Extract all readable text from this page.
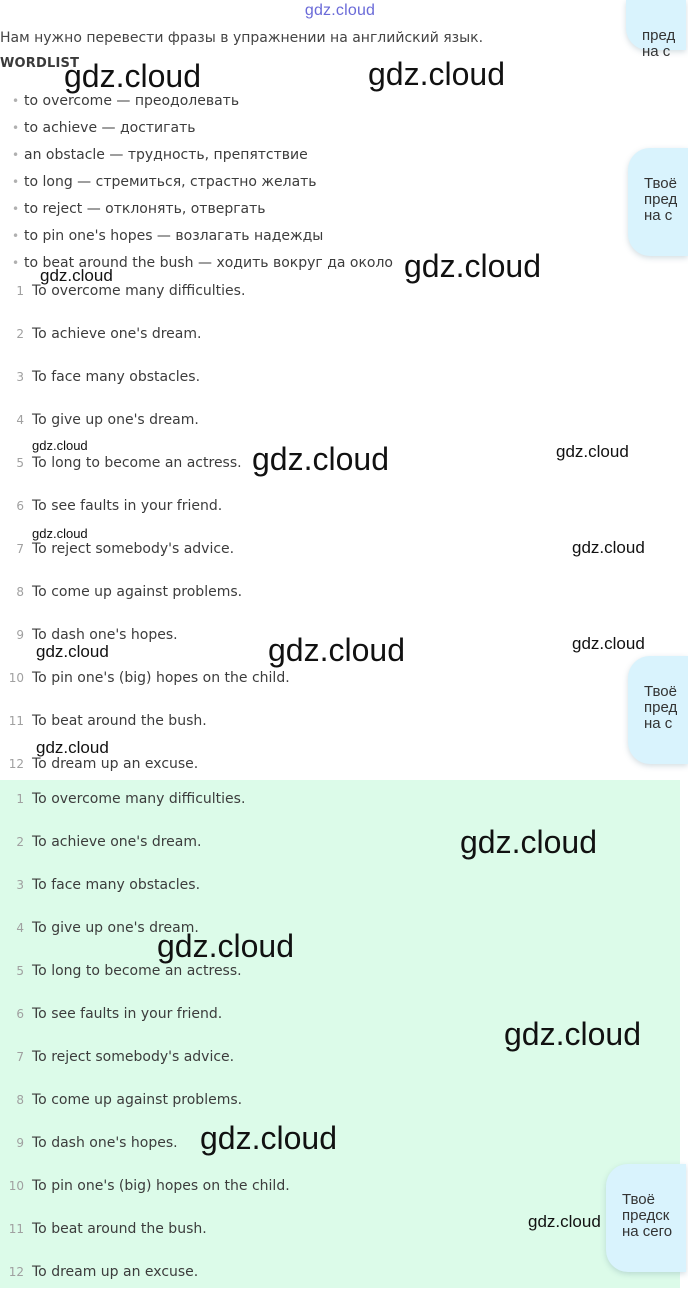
gdz.cloud
Нам нужно перевести фразы в упражнении на английский язык.
WORDLIST
• to overcome — преодолевать
• to achieve — достигать
• an obstacle — трудность, препятствие
• to long — стремиться, страстно желать
• to reject — отклонять, отвергать
• to pin one's hopes — возлагать надежды
• to beat around the bush — ходить вокруг да около
1 To overcome many difficulties.
2 To achieve one's dream.
3 To face many obstacles.
4 To give up one's dream.
5 To long to become an actress.
6 To see faults in your friend.
7 To reject somebody's advice.
8 To come up against problems.
9 To dash one's hopes.
10 To pin one's (big) hopes on the child.
11 To beat around the bush.
12 To dream up an excuse.
1 To overcome many difficulties.
2 To achieve one's dream.
3 To face many obstacles.
4 To give up one's dream.
5 To long to become an actress.
6 To see faults in your friend.
7 To reject somebody's advice.
8 To come up against problems.
9 To dash one's hopes.
10 To pin one's (big) hopes on the child.
11 To beat around the bush.
12 To dream up an excuse.
пред
на с
Твоё
пред
на с
Твоё
пред
на с
Твоё
предск
на сего
gdz.cloud	gdz.cloud
gdz.cloud	gdz.cloud
gdz.cloud	gdz.cloud	gdz.cloud
gdz.cloud
gdz.cloud
gdz.cloud
gdz.cloud	gdz.cloud
gdz.cloud
gdz.cloud
gdz.cloud
gdz.cloud
gdz.cloud
gdz.cloud
